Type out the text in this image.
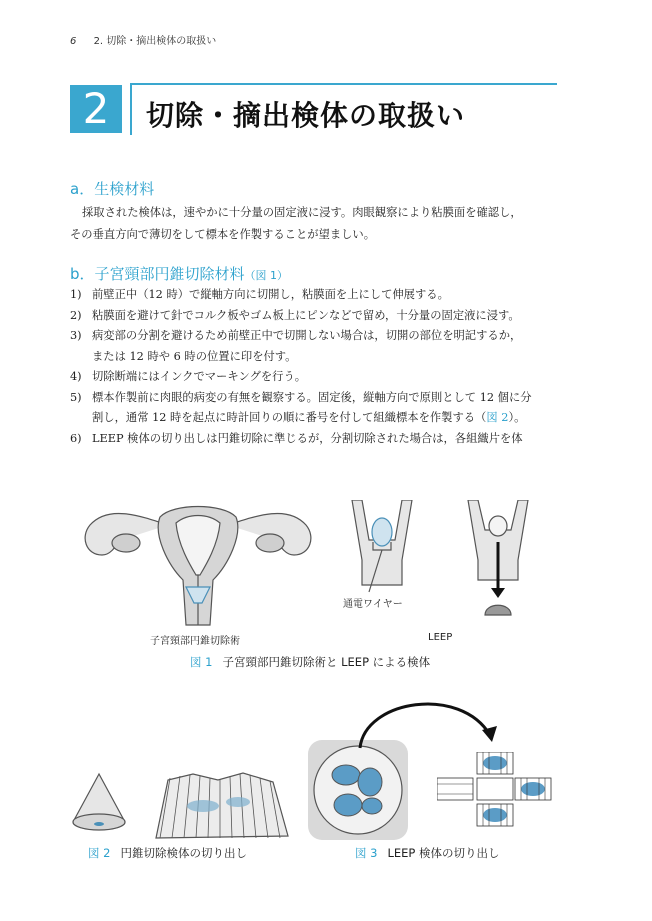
6 2. 切除・摘出検体の取扱い
2	切除・摘出検体の取扱い
a．生検材料
採取された検体は，速やかに十分量の固定液に浸す。肉眼観察により粘膜面を確認し，
その垂直方向で薄切をして標本を作製することが望ましい。
b．子宮頸部円錐切除材料（図 1）
1) 前壁正中（12 時）で縦軸方向に切開し，粘膜面を上にして伸展する。
2) 粘膜面を避けて針でコルク板やゴム板上にピンなどで留め，十分量の固定液に浸す。
3) 病変部の分割を避けるため前壁正中で切開しない場合は，切開の部位を明記するか，
または 12 時や 6 時の位置に印を付す。
4) 切除断端にはインクでマーキングを行う。
5) 標本作製前に肉眼的病変の有無を観察する。固定後，縦軸方向で原則として 12 個に分
割し，通常 12 時を起点に時計回りの順に番号を付して組織標本を作製する（図 2）。
6) LEEP 検体の切り出しは円錐切除に準じるが，分割切除された場合は，各組織片を体
通電ワイヤー
子宮頸部円錐切除術	LEEP
図 1 子宮頸部円錐切除術と LEEP による検体
図 2 円錐切除検体の切り出し	図 3 LEEP 検体の切り出し
